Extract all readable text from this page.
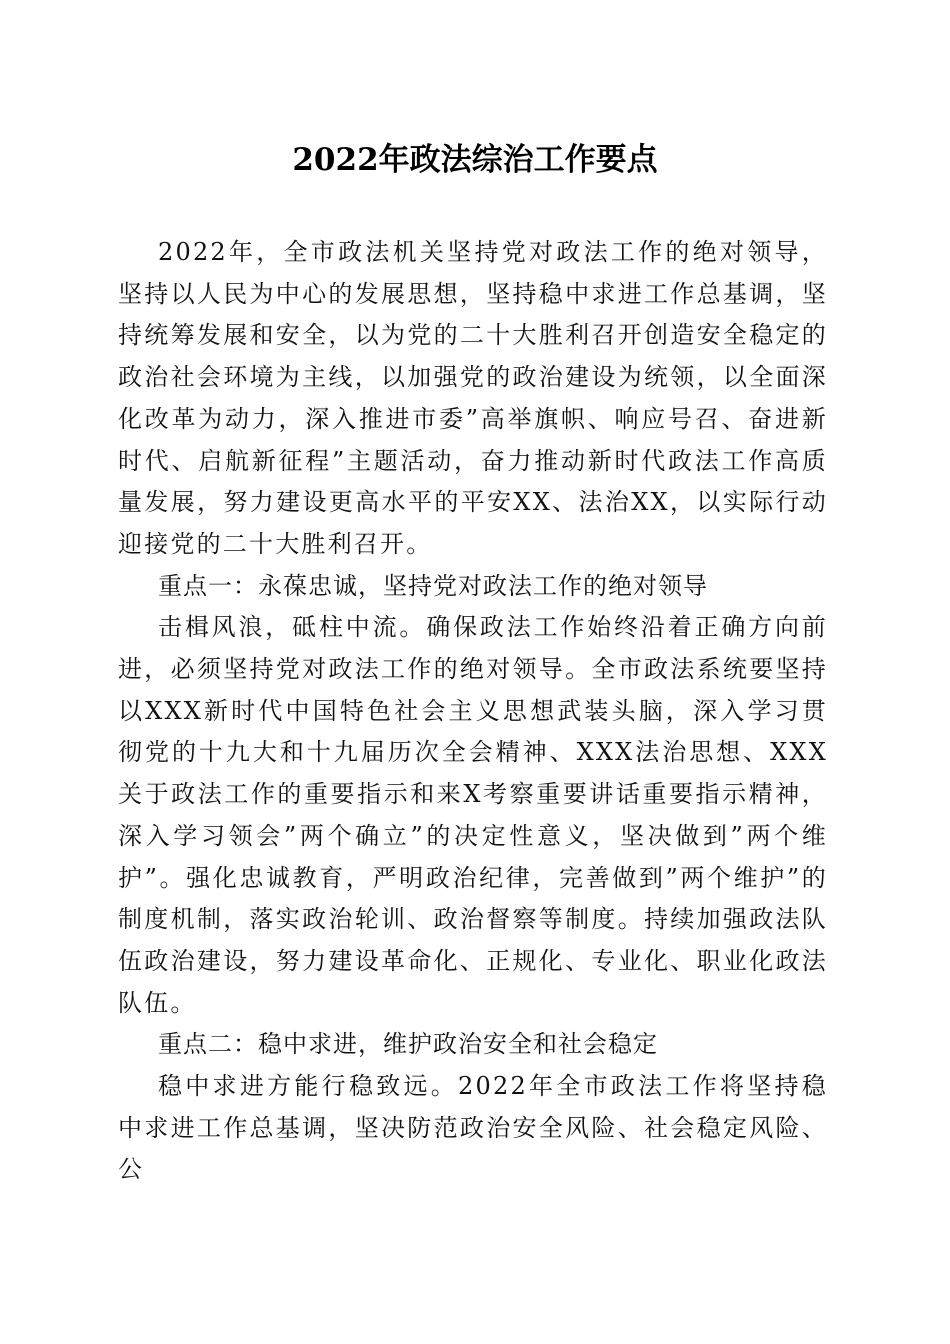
2022年政法综治工作要点

2022年，全市政法机关坚持党对政法工作的绝对领导，坚持以人民为中心的发展思想，坚持稳中求进工作总基调，坚持统筹发展和安全，以为党的二十大胜利召开创造安全稳定的政治社会环境为主线，以加强党的政治建设为统领，以全面深化改革为动力，深入推进市委”高举旗帜、响应号召、奋进新时代、启航新征程”主题活动，奋力推动新时代政法工作高质量发展，努力建设更高水平的平安XX、法治XX，以实际行动迎接党的二十大胜利召开。

重点一：永葆忠诚，坚持党对政法工作的绝对领导

击楫风浪，砥柱中流。确保政法工作始终沿着正确方向前进，必须坚持党对政法工作的绝对领导。全市政法系统要坚持以XXX新时代中国特色社会主义思想武装头脑，深入学习贯彻党的十九大和十九届历次全会精神、XXX法治思想、XXX关于政法工作的重要指示和来X考察重要讲话重要指示精神，深入学习领会”两个确立”的决定性意义，坚决做到”两个维护”。强化忠诚教育，严明政治纪律，完善做到”两个维护”的制度机制，落实政治轮训、政治督察等制度。持续加强政法队伍政治建设，努力建设革命化、正规化、专业化、职业化政法队伍。

重点二：稳中求进，维护政治安全和社会稳定

稳中求进方能行稳致远。2022年全市政法工作将坚持稳中求进工作总基调，坚决防范政治安全风险、社会稳定风险、公
